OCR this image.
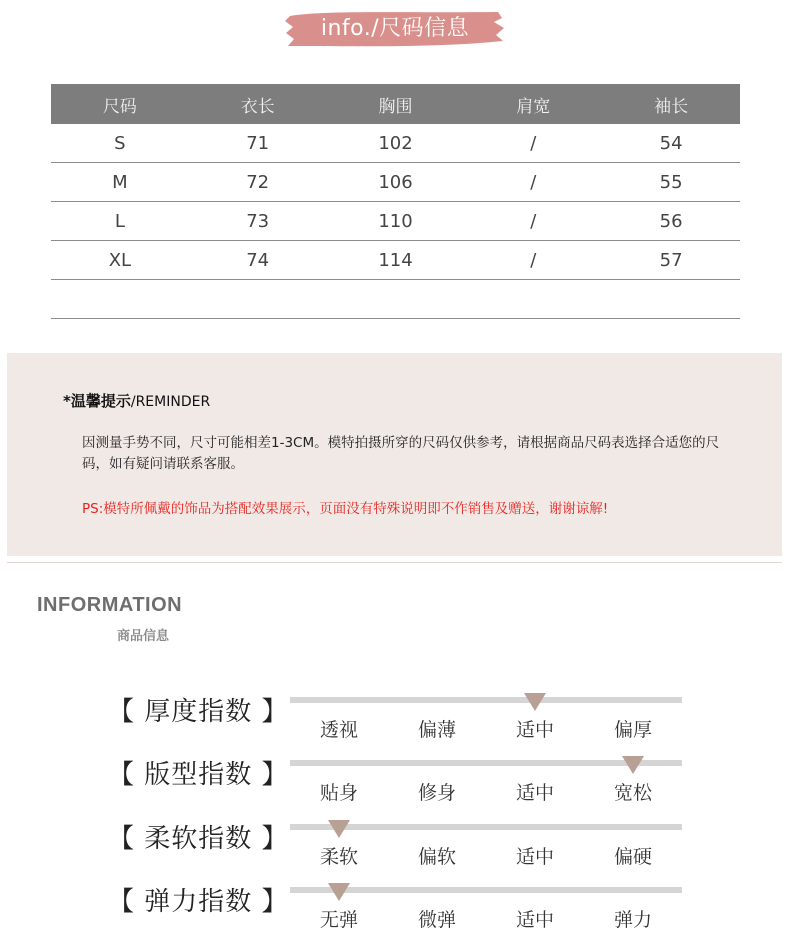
info./尺码信息
尺码	衣长	胸围	肩宽	袖长
S	71	102	/	54
M	72	106	/	55
L	73	110	/	56
XL	74	114	/	57
*温馨提示/REMINDER
因测量手势不同，尺寸可能相差1-3CM。模特拍摄所穿的尺码仅供参考，请根据商品尺码表选择合适您的尺码，如有疑问请联系客服。
PS:模特所佩戴的饰品为搭配效果展示，页面没有特殊说明即不作销售及赠送，谢谢谅解!
INFORMATION
商品信息
【 厚度指数 】
透视	偏薄	适中	偏厚
【 版型指数 】
贴身	修身	适中	宽松
【 柔软指数 】
柔软	偏软	适中	偏硬
【 弹力指数 】
无弹	微弹	适中	弹力
